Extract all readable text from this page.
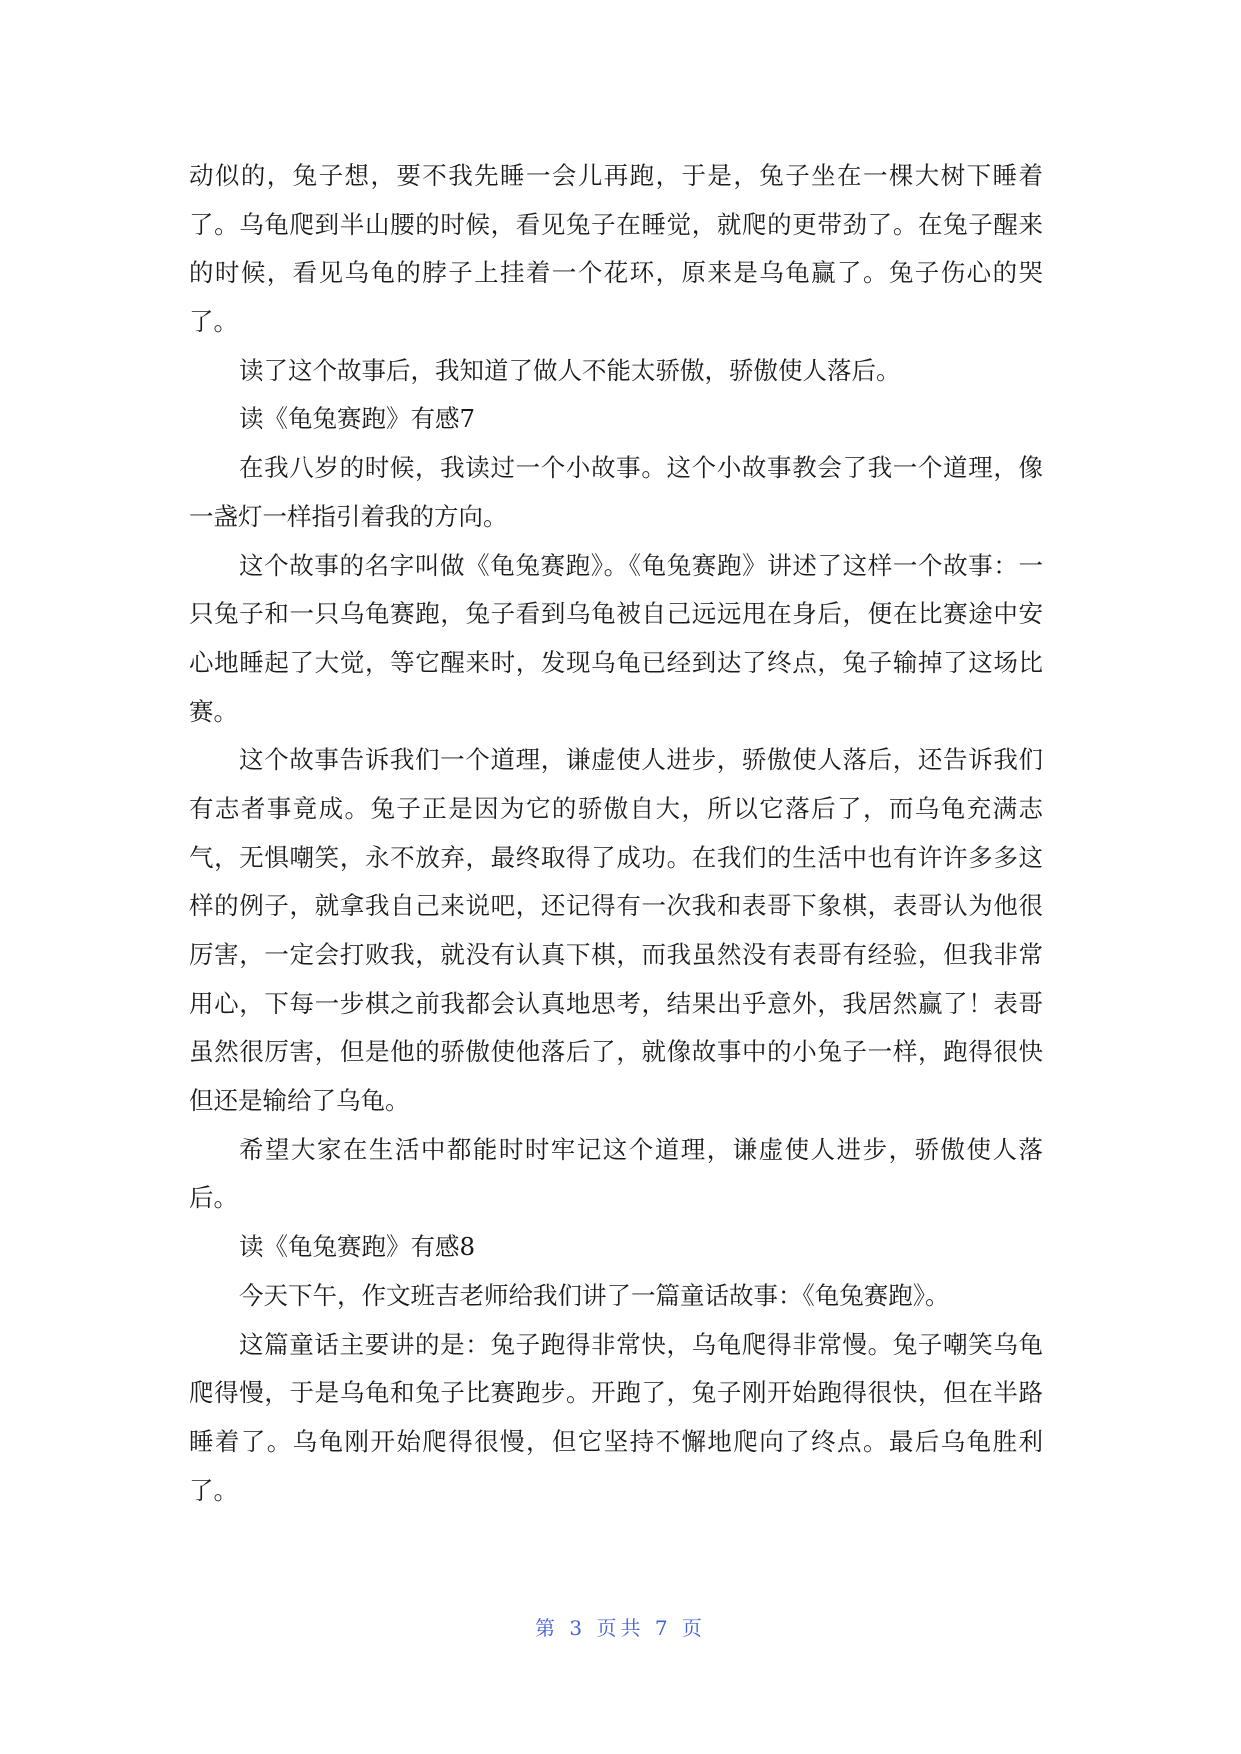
动似的，兔子想，要不我先睡一会儿再跑，于是，兔子坐在一棵大树下睡着
了。乌龟爬到半山腰的时候，看见兔子在睡觉，就爬的更带劲了。在兔子醒来
的时候，看见乌龟的脖子上挂着一个花环，原来是乌龟赢了。兔子伤心的哭
了。
读了这个故事后，我知道了做人不能太骄傲，骄傲使人落后。
读《龟兔赛跑》有感7
在我八岁的时候，我读过一个小故事。这个小故事教会了我一个道理，像
一盏灯一样指引着我的方向。
这个故事的名字叫做《龟兔赛跑》。《龟兔赛跑》讲述了这样一个故事：一
只兔子和一只乌龟赛跑，兔子看到乌龟被自己远远甩在身后，便在比赛途中安
心地睡起了大觉，等它醒来时，发现乌龟已经到达了终点，兔子输掉了这场比
赛。
这个故事告诉我们一个道理，谦虚使人进步，骄傲使人落后，还告诉我们
有志者事竟成。兔子正是因为它的骄傲自大，所以它落后了，而乌龟充满志
气，无惧嘲笑，永不放弃，最终取得了成功。在我们的生活中也有许许多多这
样的例子，就拿我自己来说吧，还记得有一次我和表哥下象棋，表哥认为他很
厉害，一定会打败我，就没有认真下棋，而我虽然没有表哥有经验，但我非常
用心，下每一步棋之前我都会认真地思考，结果出乎意外，我居然赢了！表哥
虽然很厉害，但是他的骄傲使他落后了，就像故事中的小兔子一样，跑得很快
但还是输给了乌龟。
希望大家在生活中都能时时牢记这个道理，谦虚使人进步，骄傲使人落
后。
读《龟兔赛跑》有感8
今天下午，作文班吉老师给我们讲了一篇童话故事：《龟兔赛跑》。
这篇童话主要讲的是：兔子跑得非常快，乌龟爬得非常慢。兔子嘲笑乌龟
爬得慢，于是乌龟和兔子比赛跑步。开跑了，兔子刚开始跑得很快，但在半路
睡着了。乌龟刚开始爬得很慢，但它坚持不懈地爬向了终点。最后乌龟胜利
了。
第 3 页共 7 页
